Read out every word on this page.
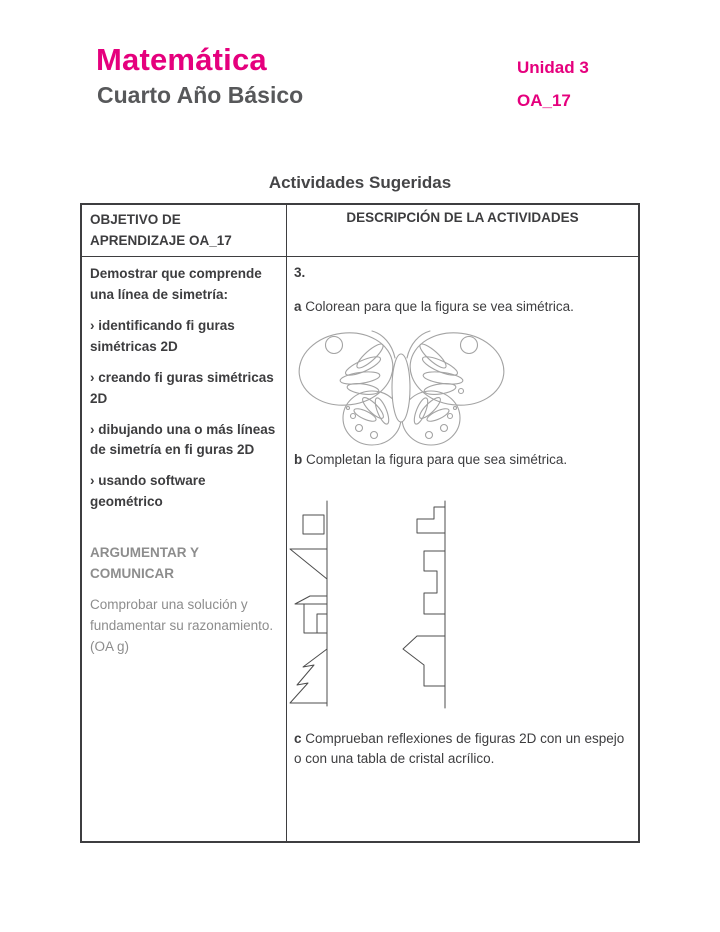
Matemática
Cuarto Año Básico
Unidad 3
OA_17
Actividades Sugeridas
OBJETIVO DE APRENDIZAJE OA_17
DESCRIPCIÓN DE LA ACTIVIDADES

Demostrar que comprende una línea de simetría:

› identificando fi guras simétricas 2D

› creando fi guras simétricas 2D

› dibujando una o más líneas de simetría en fi guras 2D

› usando software geométrico

ARGUMENTAR Y COMUNICAR

Comprobar una solución y fundamentar su razonamiento. (OA g)

3.

a Colorean para que la figura se vea simétrica.

b Completan la figura para que sea simétrica.

c Comprueban reflexiones de figuras 2D con un espejo o con una tabla de cristal acrílico.
